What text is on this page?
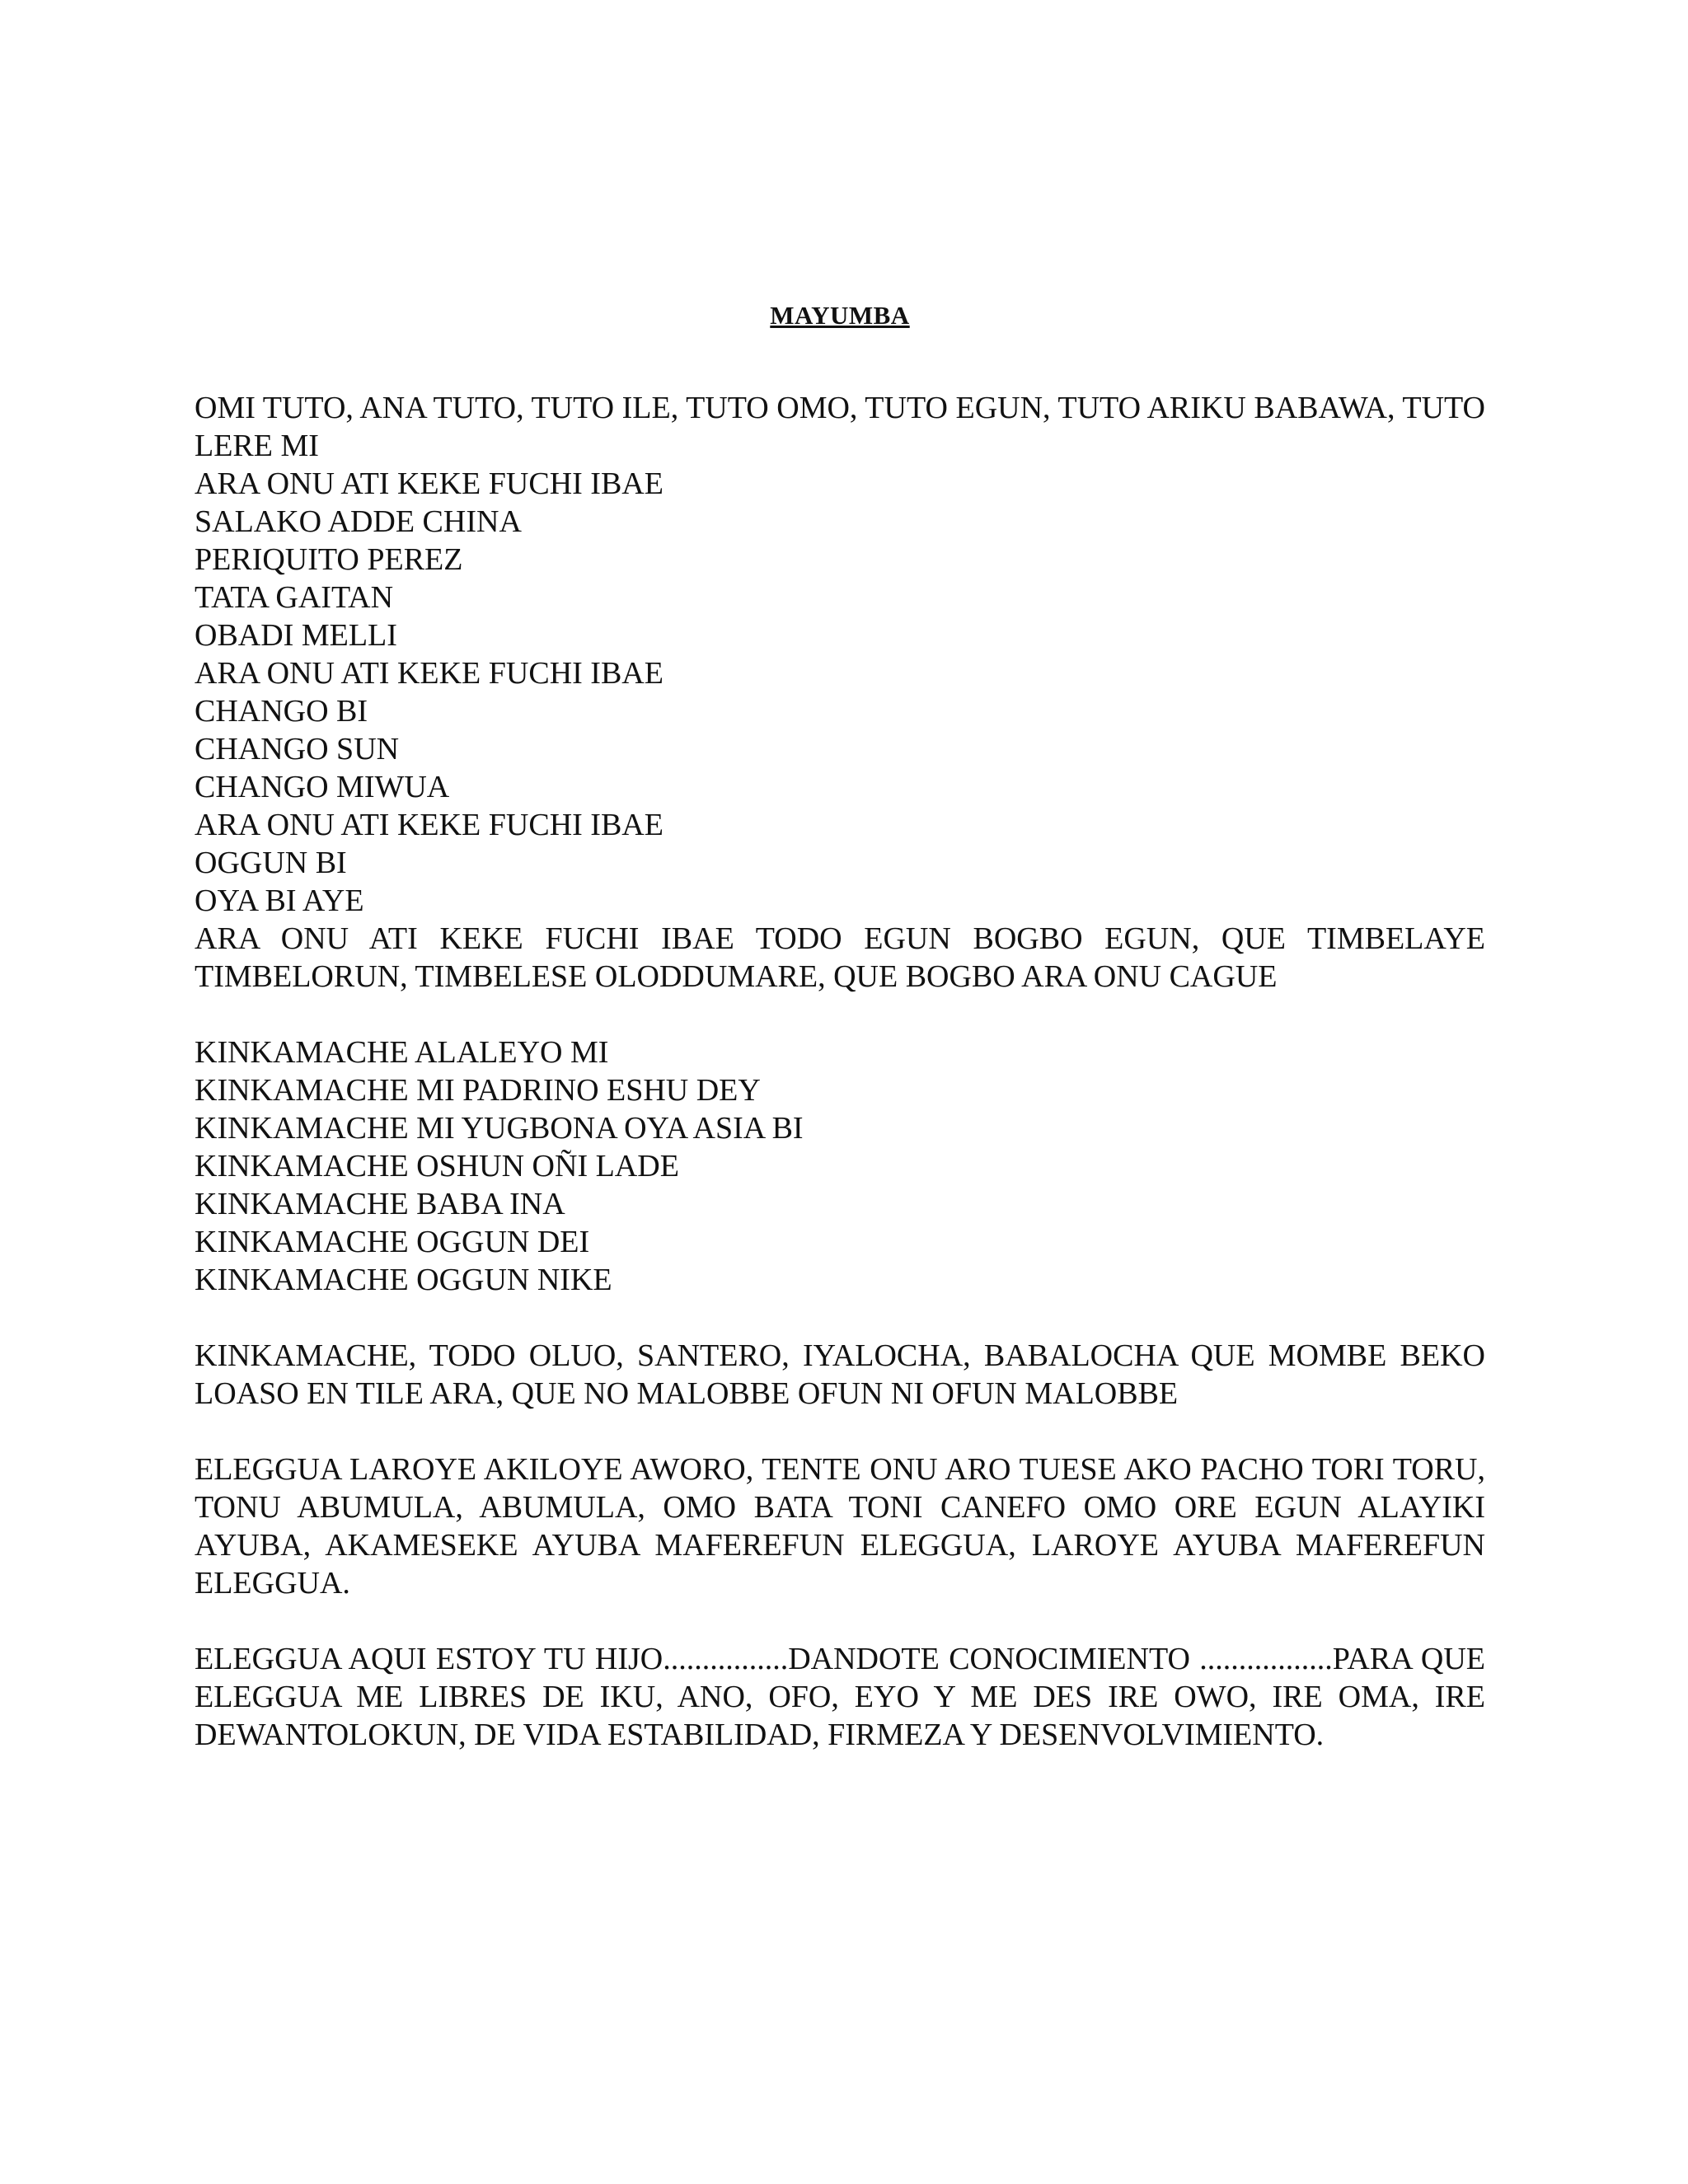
MAYUMBA
OMI TUTO, ANA TUTO, TUTO ILE, TUTO OMO, TUTO EGUN, TUTO ARIKU BABAWA, TUTO LERE MI
ARA ONU ATI KEKE FUCHI IBAE
SALAKO ADDE CHINA
PERIQUITO PEREZ
TATA GAITAN
OBADI MELLI
ARA ONU ATI KEKE FUCHI IBAE
CHANGO BI
CHANGO SUN
CHANGO MIWUA
ARA ONU ATI KEKE FUCHI IBAE
OGGUN BI
OYA BI AYE
ARA ONU ATI KEKE FUCHI IBAE TODO EGUN BOGBO EGUN, QUE TIMBELAYE TIMBELORUN, TIMBELESE OLODDUMARE, QUE BOGBO ARA ONU CAGUE
KINKAMACHE ALALEYO MI
KINKAMACHE MI PADRINO ESHU DEY
KINKAMACHE MI YUGBONA OYA ASIA BI
KINKAMACHE OSHUN OÑI LADE
KINKAMACHE BABA INA
KINKAMACHE OGGUN DEI
KINKAMACHE OGGUN NIKE
KINKAMACHE, TODO OLUO, SANTERO, IYALOCHA, BABALOCHA QUE MOMBE BEKO LOASO EN TILE ARA, QUE NO MALOBBE OFUN NI OFUN MALOBBE
ELEGGUA LAROYE AKILOYE AWORO, TENTE ONU ARO TUESE AKO PACHO TORI TORU, TONU ABUMULA, ABUMULA, OMO BATA TONI CANEFO OMO ORE EGUN ALAYIKI AYUBA, AKAMESEKE AYUBA MAFEREFUN ELEGGUA, LAROYE AYUBA MAFEREFUN ELEGGUA.
ELEGGUA AQUI ESTOY TU HIJO................DANDOTE CONOCIMIENTO .................PARA QUE ELEGGUA ME LIBRES DE IKU, ANO, OFO, EYO Y ME DES IRE OWO, IRE OMA, IRE DEWANTOLOKUN, DE VIDA ESTABILIDAD, FIRMEZA Y DESENVOLVIMIENTO.
